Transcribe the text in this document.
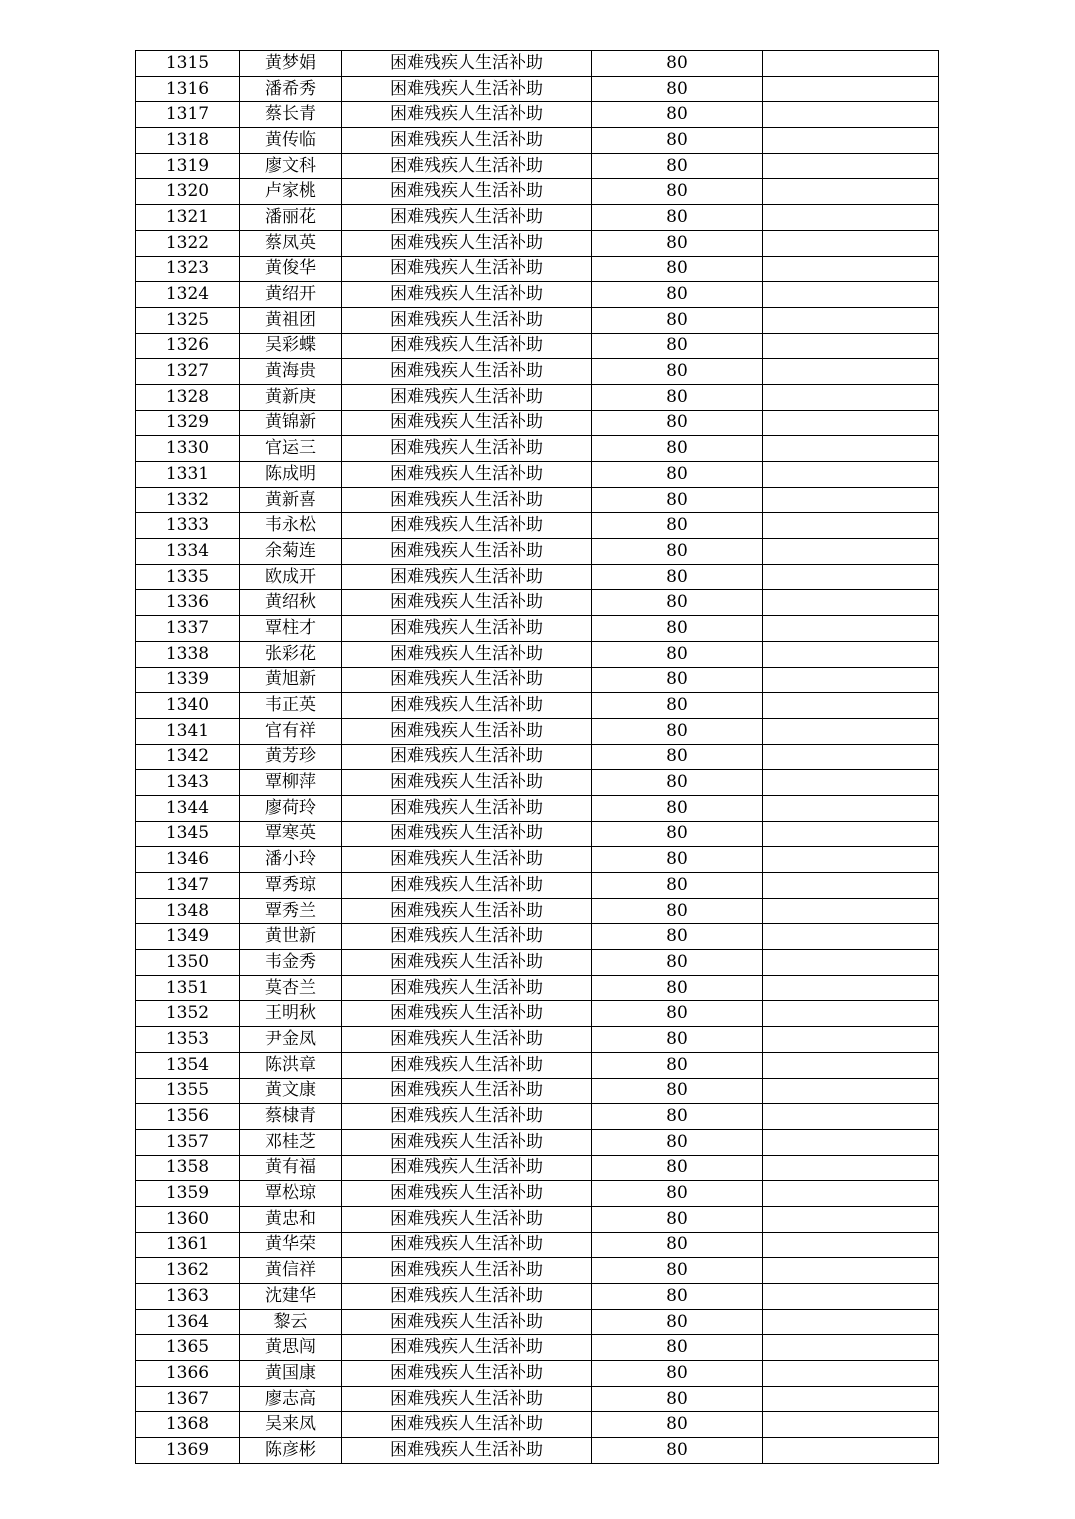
1315	黄梦娟	困难残疾人生活补助	80	
1316	潘希秀	困难残疾人生活补助	80	
1317	蔡长青	困难残疾人生活补助	80	
1318	黄传临	困难残疾人生活补助	80	
1319	廖文科	困难残疾人生活补助	80	
1320	卢家桃	困难残疾人生活补助	80	
1321	潘丽花	困难残疾人生活补助	80	
1322	蔡凤英	困难残疾人生活补助	80	
1323	黄俊华	困难残疾人生活补助	80	
1324	黄绍开	困难残疾人生活补助	80	
1325	黄祖团	困难残疾人生活补助	80	
1326	吴彩蝶	困难残疾人生活补助	80	
1327	黄海贵	困难残疾人生活补助	80	
1328	黄新庚	困难残疾人生活补助	80	
1329	黄锦新	困难残疾人生活补助	80	
1330	官运三	困难残疾人生活补助	80	
1331	陈成明	困难残疾人生活补助	80	
1332	黄新喜	困难残疾人生活补助	80	
1333	韦永松	困难残疾人生活补助	80	
1334	余菊连	困难残疾人生活补助	80	
1335	欧成开	困难残疾人生活补助	80	
1336	黄绍秋	困难残疾人生活补助	80	
1337	覃柱才	困难残疾人生活补助	80	
1338	张彩花	困难残疾人生活补助	80	
1339	黄旭新	困难残疾人生活补助	80	
1340	韦正英	困难残疾人生活补助	80	
1341	官有祥	困难残疾人生活补助	80	
1342	黄芳珍	困难残疾人生活补助	80	
1343	覃柳萍	困难残疾人生活补助	80	
1344	廖荷玲	困难残疾人生活补助	80	
1345	覃寒英	困难残疾人生活补助	80	
1346	潘小玲	困难残疾人生活补助	80	
1347	覃秀琼	困难残疾人生活补助	80	
1348	覃秀兰	困难残疾人生活补助	80	
1349	黄世新	困难残疾人生活补助	80	
1350	韦金秀	困难残疾人生活补助	80	
1351	莫杏兰	困难残疾人生活补助	80	
1352	王明秋	困难残疾人生活补助	80	
1353	尹金凤	困难残疾人生活补助	80	
1354	陈洪章	困难残疾人生活补助	80	
1355	黄文康	困难残疾人生活补助	80	
1356	蔡棣青	困难残疾人生活补助	80	
1357	邓桂芝	困难残疾人生活补助	80	
1358	黄有福	困难残疾人生活补助	80	
1359	覃松琼	困难残疾人生活补助	80	
1360	黄忠和	困难残疾人生活补助	80	
1361	黄华荣	困难残疾人生活补助	80	
1362	黄信祥	困难残疾人生活补助	80	
1363	沈建华	困难残疾人生活补助	80	
1364	黎云	困难残疾人生活补助	80	
1365	黄思闯	困难残疾人生活补助	80	
1366	黄国康	困难残疾人生活补助	80	
1367	廖志高	困难残疾人生活补助	80	
1368	吴来凤	困难残疾人生活补助	80	
1369	陈彦彬	困难残疾人生活补助	80	
